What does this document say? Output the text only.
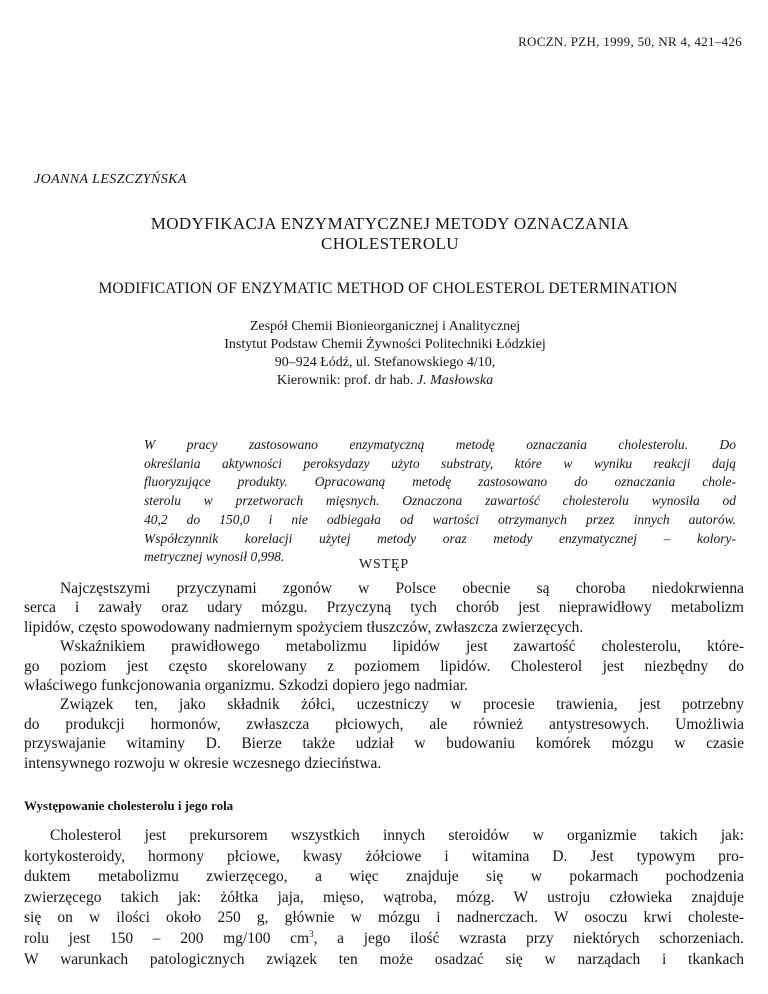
ROCZN. PZH, 1999, 50, NR 4, 421–426
JOANNA LESZCZYŃSKA
MODYFIKACJA ENZYMATYCZNEJ METODY OZNACZANIA
CHOLESTEROLU
MODIFICATION OF ENZYMATIC METHOD OF CHOLESTEROL DETERMINATION
Zespół Chemii Bionieorganicznej i Analitycznej
Instytut Podstaw Chemii Żywności Politechniki Łódzkiej
90–924 Łódź, ul. Stefanowskiego 4/10,
Kierownik: prof. dr hab. J. Masłowska
W pracy zastosowano enzymatyczną metodę oznaczania cholesterolu. Do
określania aktywności peroksydazy użyto substraty, które w wyniku reakcji dają
fluoryzujące produkty. Opracowaną metodę zastosowano do oznaczania chole-
sterolu w przetworach mięsnych. Oznaczona zawartość cholesterolu wynosiła od
40,2 do 150,0 i nie odbiegała od wartości otrzymanych przez innych autorów.
Współczynnik korelacji użytej metody oraz metody enzymatycznej – kolory-
metrycznej wynosił 0,998.
WSTĘP
Najczęstszymi przyczynami zgonów w Polsce obecnie są choroba niedokrwienna
serca i zawały oraz udary mózgu. Przyczyną tych chorób jest nieprawidłowy metabolizm
lipidów, często spowodowany nadmiernym spożyciem tłuszczów, zwłaszcza zwierzęcych.
Wskaźnikiem prawidłowego metabolizmu lipidów jest zawartość cholesterolu, które-
go poziom jest często skorelowany z poziomem lipidów. Cholesterol jest niezbędny do
właściwego funkcjonowania organizmu. Szkodzi dopiero jego nadmiar.
Związek ten, jako składnik żółci, uczestniczy w procesie trawienia, jest potrzebny
do produkcji hormonów, zwłaszcza płciowych, ale również antystresowych. Umożliwia
przyswajanie witaminy D. Bierze także udział w budowaniu komórek mózgu w czasie
intensywnego rozwoju w okresie wczesnego dzieciństwa.
Występowanie cholesterolu i jego rola
Cholesterol jest prekursorem wszystkich innych steroidów w organizmie takich jak:
kortykosteroidy, hormony płciowe, kwasy żółciowe i witamina D. Jest typowym pro-
duktem metabolizmu zwierzęcego, a więc znajduje się w pokarmach pochodzenia
zwierzęcego takich jak: żółtka jaja, mięso, wątroba, mózg. W ustroju człowieka znajduje
się on w ilości około 250 g, głównie w mózgu i nadnerczach. W osoczu krwi choleste-
rolu jest 150 – 200 mg/100 $cm^3$, a jego ilość wzrasta przy niektórych schorzeniach.
W warunkach patologicznych związek ten może osadzać się w narządach i tkankach
